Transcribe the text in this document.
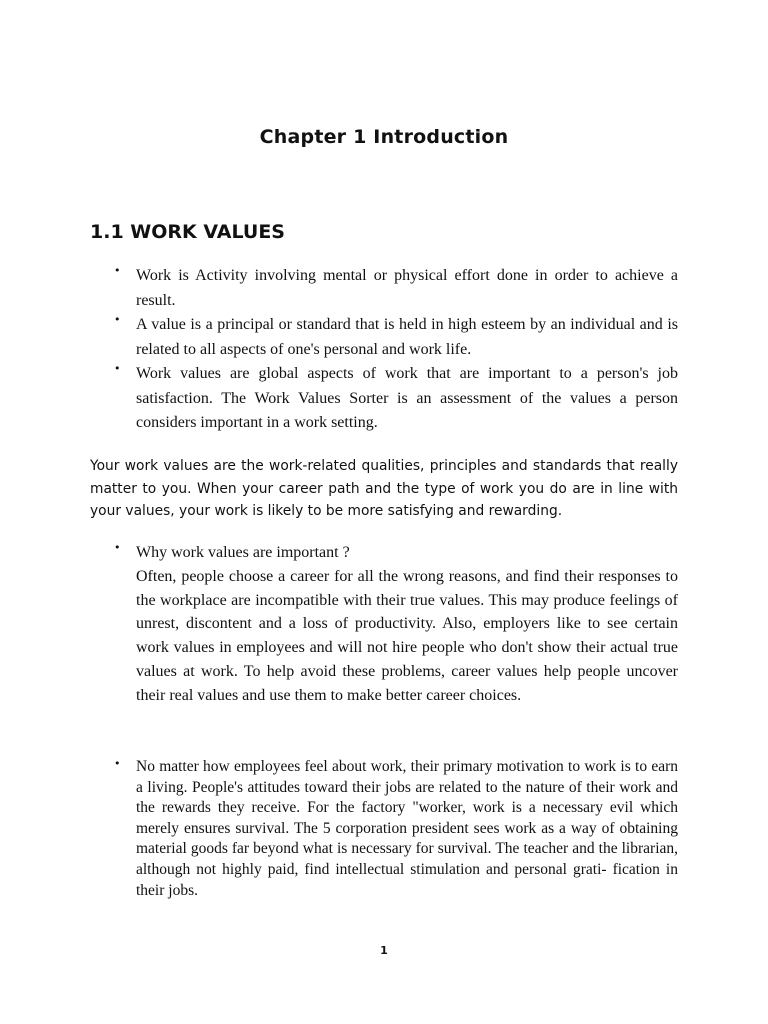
Chapter 1 Introduction
1.1 WORK VALUES
• Work is Activity involving mental or physical effort done in order to achieve a result.
• A value is a principal or standard that is held in high esteem by an individual and is related to all aspects of one's personal and work life.
• Work values are global aspects of work that are important to a person's job satisfaction. The Work Values Sorter is an assessment of the values a person considers important in a work setting.

Your work values are the work-related qualities, principles and standards that really matter to you. When your career path and the type of work you do are in line with your values, your work is likely to be more satisfying and rewarding.

• Why work values are important ?
Often, people choose a career for all the wrong reasons, and find their responses to the workplace are incompatible with their true values. This may produce feelings of unrest, discontent and a loss of productivity. Also, employers like to see certain work values in employees and will not hire people who don't show their actual true values at work. To help avoid these problems, career values help people uncover their real values and use them to make better career choices.
• No matter how employees feel about work, their primary motivation to work is to earn a living. People's attitudes toward their jobs are related to the nature of their work and the rewards they receive. For the factory "worker, work is a necessary evil which merely ensures survival. The 5 corporation president sees work as a way of obtaining material goods far beyond what is necessary for survival. The teacher and the librarian, although not highly paid, find intellectual stimulation and personal grati- fication in their jobs.
1
